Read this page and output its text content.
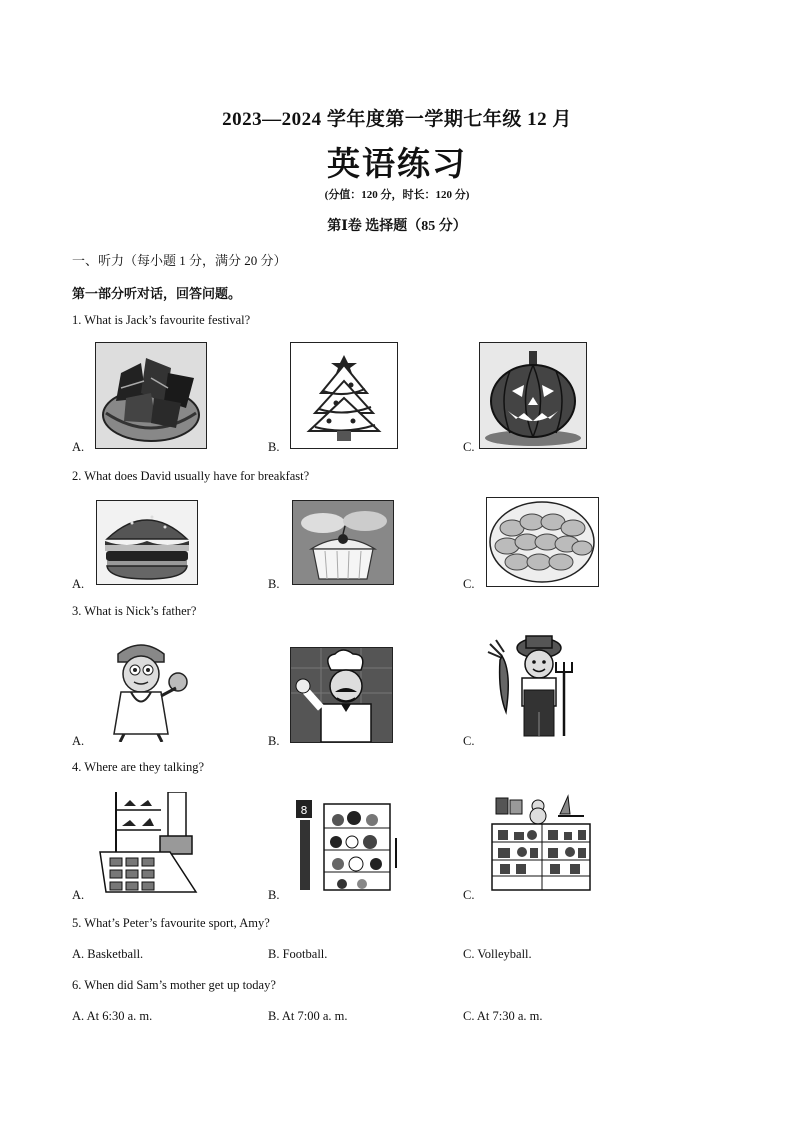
2023—2024 学年度第一学期七年级 12 月
英语练习
(分值：120 分，时长：120 分)
第Ⅰ卷 选择题（85 分）
一、听力（每小题 1 分，满分 20 分）
第一部分听对话，回答问题。
1. What is Jack’s favourite festival?
A.	B.	C.
2. What does David usually have for breakfast?
A.	B.	C.
3. What is Nick’s father?
A.	B.	C.
4. Where are they talking?
A.	B.
8
C.
5. What’s Peter’s favourite sport, Amy?
A. Basketball.	B. Football.	C. Volleyball.
6. When did Sam’s mother get up today?
A. At 6:30 a. m.	B. At 7:00 a. m.	C. At 7:30 a. m.
